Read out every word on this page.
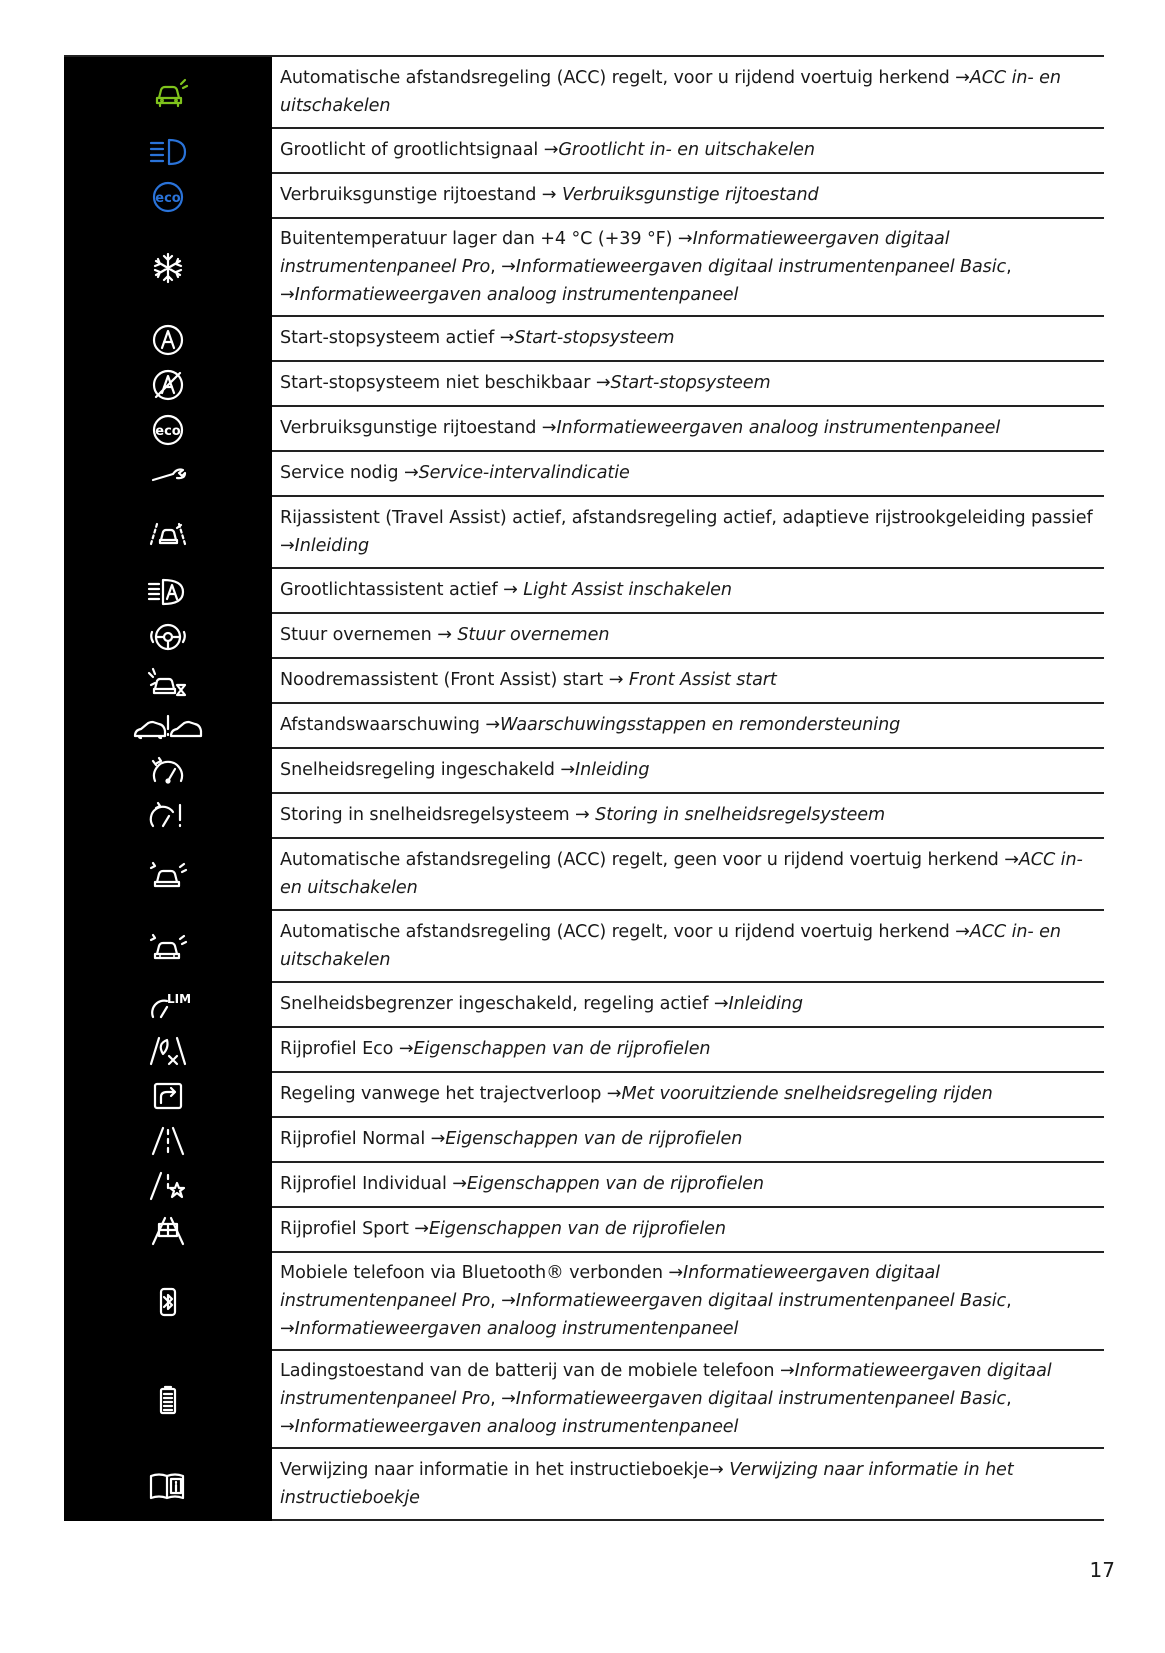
Automatische afstandsregeling (ACC) regelt, voor u rijdend voertuig herkend →ACC in- en uitschakelen

Grootlicht of grootlichtsignaal →Grootlicht in- en uitschakelen

eco	Verbruiksgunstige rijtoestand → Verbruiksgunstige rijtoestand

Buitentemperatuur lager dan +4 °C (+39 °F) →Informatieweergaven digitaal instrumentenpaneel Pro, →Informatieweergaven digitaal instrumentenpaneel Basic, →Informatieweergaven analoog instrumentenpaneel

Start-stopsysteem actief →Start-stopsysteem

Start-stopsysteem niet beschikbaar →Start-stopsysteem

eco	Verbruiksgunstige rijtoestand →Informatieweergaven analoog instrumentenpaneel

Service nodig →Service-intervalindicatie

Rijassistent (Travel Assist) actief, afstandsregeling actief, adaptieve rijstrookgeleiding passief →Inleiding

Grootlichtassistent actief → Light Assist inschakelen

Stuur overnemen → Stuur overnemen

Noodremassistent (Front Assist) start → Front Assist start

Afstandswaarschuwing →Waarschuwingsstappen en remondersteuning

Snelheidsregeling ingeschakeld →Inleiding

Storing in snelheidsregelsysteem → Storing in snelheidsregelsysteem

Automatische afstandsregeling (ACC) regelt, geen voor u rijdend voertuig herkend →ACC in- en uitschakelen

Automatische afstandsregeling (ACC) regelt, voor u rijdend voertuig herkend →ACC in- en uitschakelen

LIM	Snelheidsbegrenzer ingeschakeld, regeling actief →Inleiding

Rijprofiel Eco →Eigenschappen van de rijprofielen

Regeling vanwege het trajectverloop →Met vooruitziende snelheidsregeling rijden

Rijprofiel Normal →Eigenschappen van de rijprofielen

Rijprofiel Individual →Eigenschappen van de rijprofielen

Rijprofiel Sport →Eigenschappen van de rijprofielen

Mobiele telefoon via Bluetooth® verbonden →Informatieweergaven digitaal instrumentenpaneel Pro, →Informatieweergaven digitaal instrumentenpaneel Basic, →Informatieweergaven analoog instrumentenpaneel

Ladingstoestand van de batterij van de mobiele telefoon →Informatieweergaven digitaal instrumentenpaneel Pro, →Informatieweergaven digitaal instrumentenpaneel Basic, →Informatieweergaven analoog instrumentenpaneel

Verwijzing naar informatie in het instructieboekje→ Verwijzing naar informatie in het instructieboekje

17
